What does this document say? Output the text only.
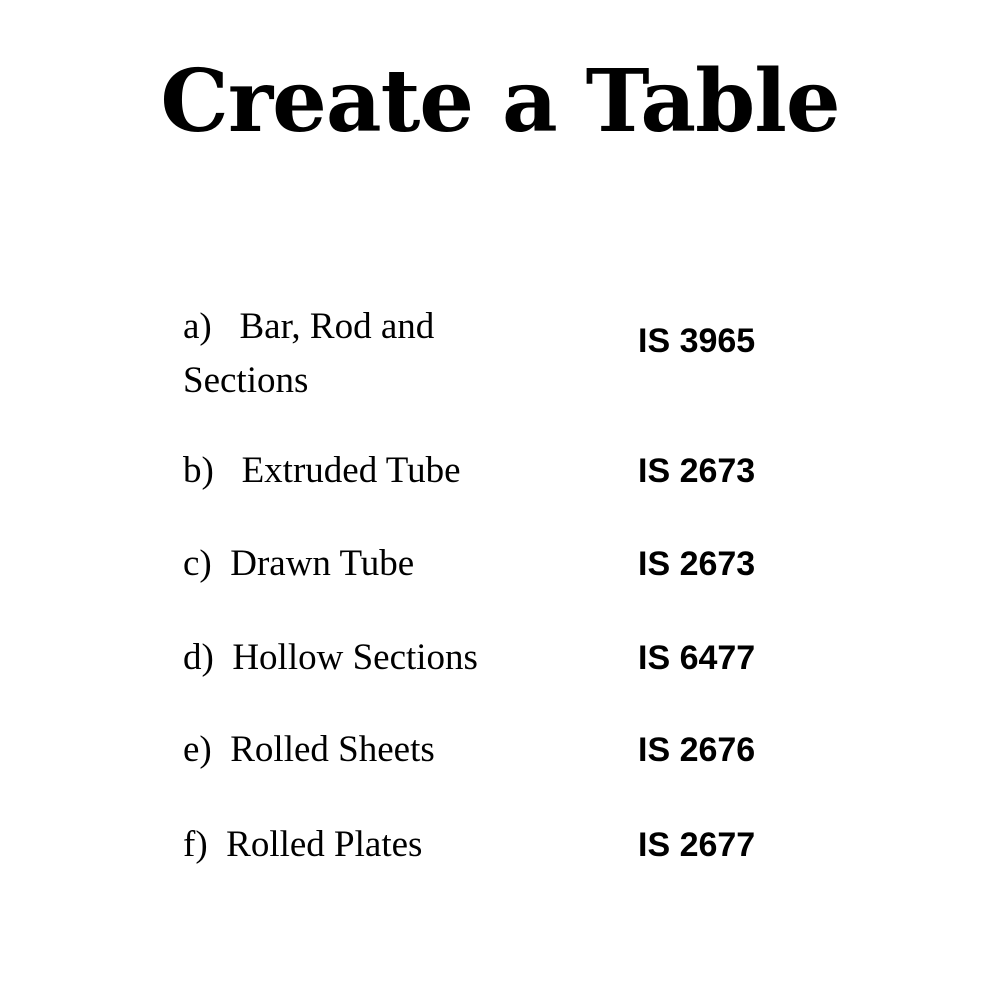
Create a Table
a)   Bar, Rod and Sections
IS 3965
b)   Extruded Tube	IS 2673
c)  Drawn Tube	IS 2673
d)  Hollow Sections	IS 6477
e)  Rolled Sheets	IS 2676
f)  Rolled Plates	IS 2677
